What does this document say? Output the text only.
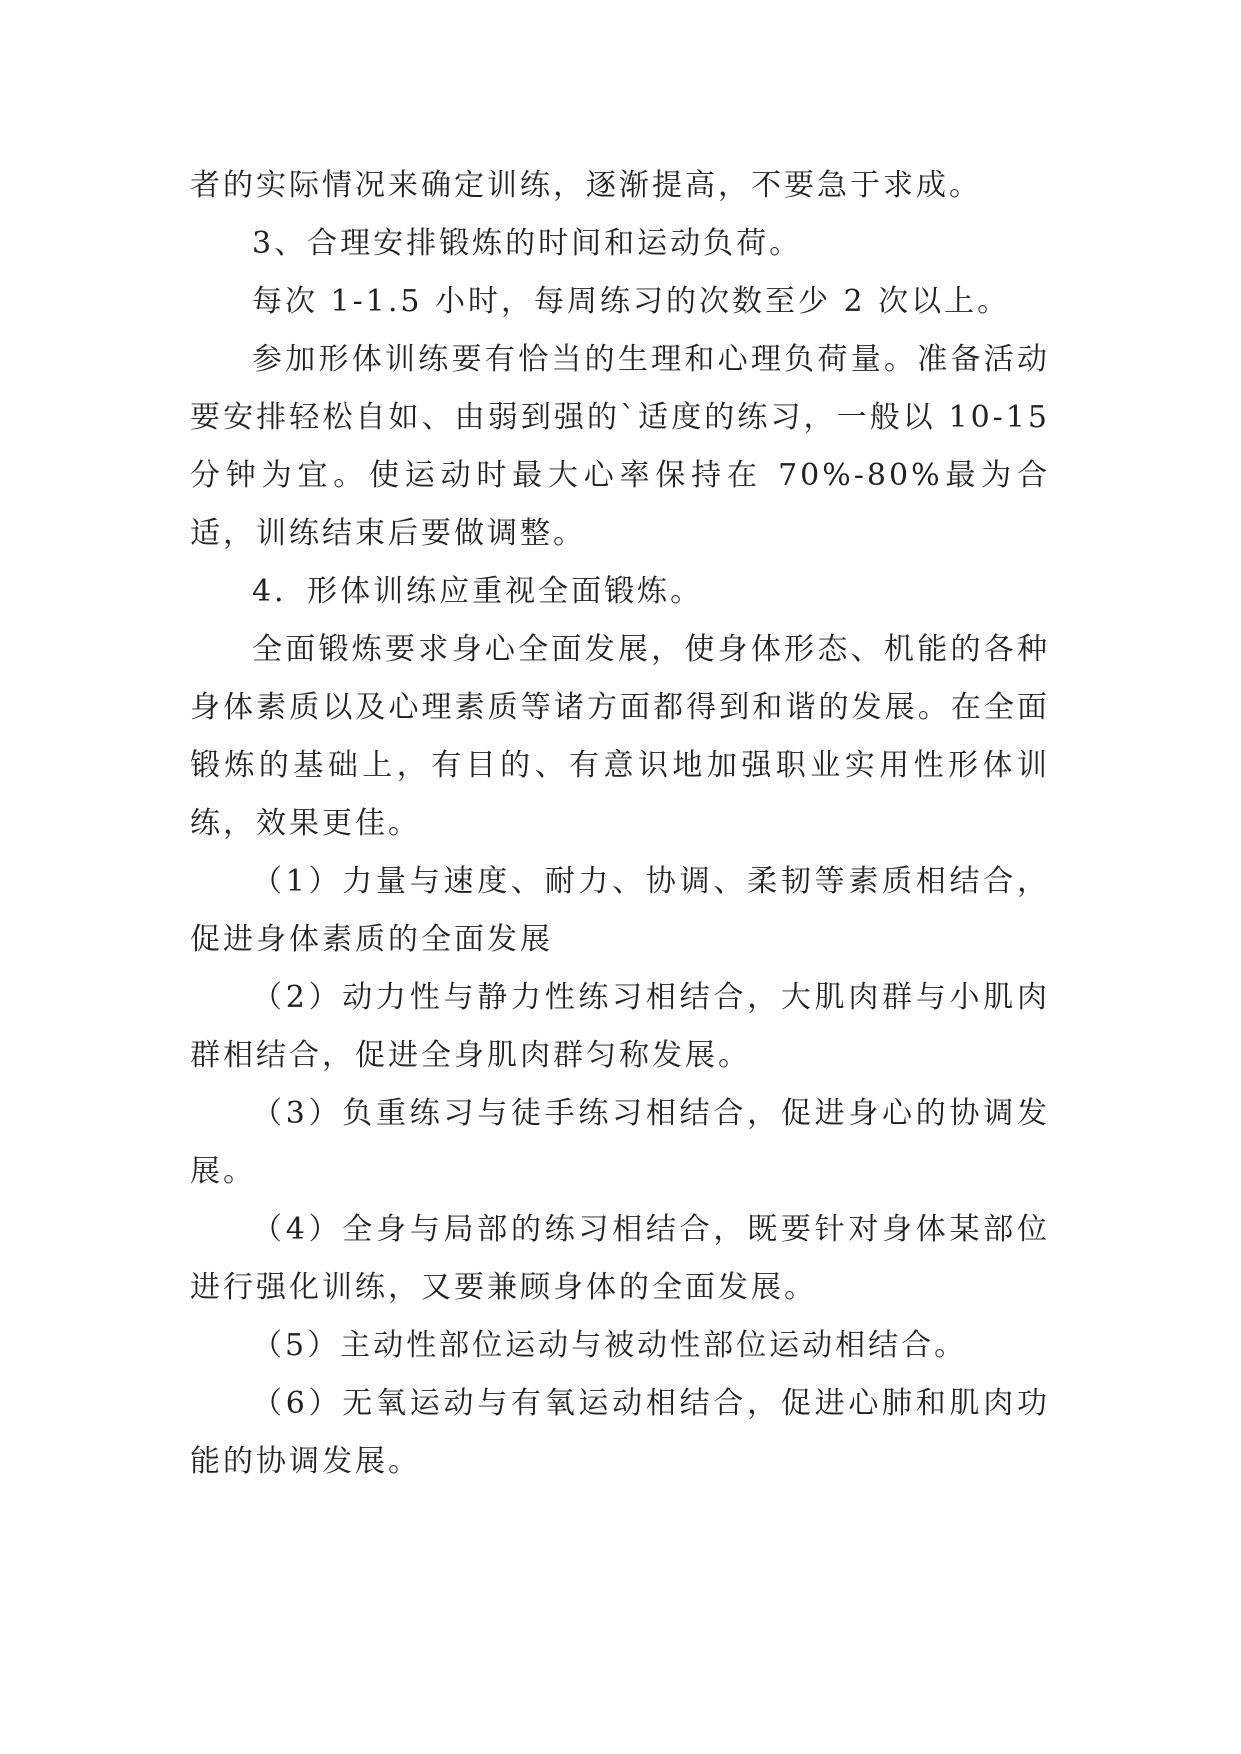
者的实际情况来确定训练，逐渐提高，不要急于求成。

3、合理安排锻炼的时间和运动负荷。

每次 1-1.5 小时，每周练习的次数至少 2 次以上。

参加形体训练要有恰当的生理和心理负荷量。准备活动要安排轻松自如、由弱到强的`适度的练习，一般以 10-15 分钟为宜。使运动时最大心率保持在 70%-80%最为合适，训练结束后要做调整。

4．形体训练应重视全面锻炼。

全面锻炼要求身心全面发展，使身体形态、机能的各种身体素质以及心理素质等诸方面都得到和谐的发展。在全面锻炼的基础上，有目的、有意识地加强职业实用性形体训练，效果更佳。

（1）力量与速度、耐力、协调、柔韧等素质相结合，促进身体素质的全面发展

（2）动力性与静力性练习相结合，大肌肉群与小肌肉群相结合，促进全身肌肉群匀称发展。

（3）负重练习与徒手练习相结合，促进身心的协调发展。

（4）全身与局部的练习相结合，既要针对身体某部位进行强化训练，又要兼顾身体的全面发展。

（5）主动性部位运动与被动性部位运动相结合。

（6）无氧运动与有氧运动相结合，促进心肺和肌肉功能的协调发展。
